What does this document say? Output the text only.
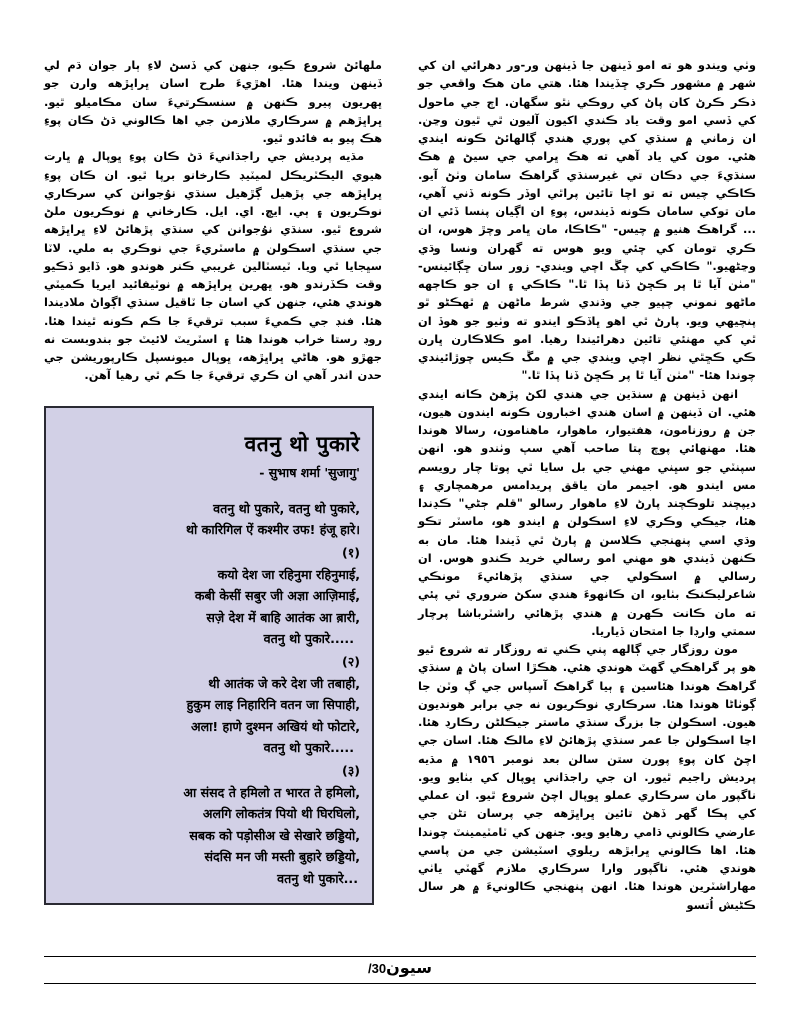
وٺي ويندو هو ته امو ڏينهن جا ڏينهن ور-ور دهرائي ان کي شهر ۾ مشهور ڪري ڇڏيندا هئا. هتي مان هڪ واقعي جو ذڪر ڪرڻ کان پاڻ کي روڪي نٿو سگهان. اڄ جي ماحول کي ڏسي امو وقت ياد ڪندي اکيون آليون ٿي ٿيون وڃن. ان زماني ۾ سنڌي کي پوري هندي ڳالهائڻ ڪونه ايندي هئي. مون کي ياد آهي ته هڪ ڀرامي جي سيڻ ۾ هڪ سنڌيءَ جي دڪان تي غيرسنڌي گراهڪ سامان وٺڻ آيو. ڪاڪي چيس ته تو اچا تائين پراٿي اوڏر ڪونه ڏني آهي، مان توکي سامان ڪونه ڏيندس، پوءِ ان اڳيان پنسا ڏئي ان ... گراهڪ هنيو ۾ چيس- "ڪاڪا، مان ڀامر وچڙ هوس، ان ڪري تومان کي چئي ويو هوس ته گهران ونسا وڌي وڃڻهيو." ڪاڪي کي چڱ اچي ويندي- زور سان ڇڳائينس- "مٺن آيا ٿا پر ڪڇڻ ڏنا پڏا ٿا." ڪاڪي ۽ ان جو ڪاڄهه ماڻهو نموني چپيو جي وڌندي شرط ماڻهن ۾ ٿهڪڻو ٿو پنچيهي ويو. پارڻ ٿي اهو ڀاڏڪو ايندو ته وٺيو جو هوڏ ان ٿي کي مهنئي تائين دهرائيندا رهيا. امو ڪلاڪارن ڀارن ڪي ڪڇٿي نظر اچي ويندي جي ۾ مڱ ڪيس چوڙائيندي چوندا هئا- "مٺن آيا ٿا پر ڪڇڻ ڏنا پڏا ٿا."

انهن ڏينهن ۾ سنڌين جي هندي لکڻ پڙهڻ ڪانه ايندي هئي. ان ڏينهن ۾ اسان هندي اخبارون ڪونه ايندون هيون، جن ۾ روزنامون، هفتيوار، ماهوار، ماهنامون، رسالا هوندا هئا. مهنهائي پوچ پتا صاحب آهي سپ وٺندو هو. انهن سپنٽي جو سڀني مهني جي بل سايا ٿي پوتا چار رويسم مس ايندو هو. اجيمر مان ياقق پريدامس مرهمچاري ۽ ديپچند تلوڪچند پارڻ لاءِ ماهوار رسالو "قلم ڄڻي" ڪڍندا هئا، جيڪي وڪري لاءِ اسڪولن ۾ ايندو هو، ماسٽر تڪو وڌي اسي پنهنجي ڪلاسن ۾ پارڻ ٿي ڏيندا هئا. مان به ڪنهن ڏيندي هو مهني امو رسالي خريد ڪندو هوس. ان رسالي ۾ اسڪولي جي سنڌي پڙهائيءَ مونڪي شاعرليڪنڪ بٺايو، ان ڪانهوءَ هندي سکڻ ضروري ٿي پئي ته مان ڪانت ڪهرن ۾ هندي پڙهائي راشٽرباشا پرچار سمتي وارڊا جا امتحان ڏياريا.

مون روزگار جي ڳالهه پني ڪني ته روزگار ته شروع ٿيو هو پر گراهڪي گهٽ هوندي هئي. هڪڙا اسان پاڻ ۾ سنڌي گراهڪ هوندا هئاسين ۽ ٻيا گراهڪ آسپاس جي ڳ وٽن جا ڳوٺاڻا هوندا هئا. سرڪاري نوڪريون نه جي برابر هونديون هيون. اسڪولن جا بزرگ سنڌي ماستر جيڪلڻن رڪارڊ هئا. اڃا اسڪولن جا عمر سنڌي پڙهائڻ لاءِ مالڪ هئا. اسان جي اچڻ کان پوءِ پورن ستن سالن بعد نومبر ١٩٥٦ ۾ مڌيه پرديش راجيم ٿيور. ان جي راجڌاني ڀوپال کي بٺايو ويو. ناگپور مان سرڪاري عملو ڀوپال اچڻ شروع ٿيو. ان عملي کي پڪا گهر ڏهڻ تائين ڀراڀڙهه جي پرسان تڻن جي عارضي ڪالوني ڌامي رهايو ويو. جنهن کي ٽامٽيمينٽ چوندا هئا. اها ڪالوني ڀرابڙهه ريلوي اسٽيشن جي من پاسي هوندي هئي. ناگپور وارا سرڪاري ملازم گهٽي ياٺي مهاراشٽرين هوندا هئا. انهن پنهنجي ڪالونيءَ ۾ هر سال ڪڻيش اُتسو

ملهائڻ شروع ڪيو، جنهن کي ڏسڻ لاءِ ٻار جوان ڌم لي ڏينهن ويندا هئا. اهڙيءَ طرح اسان ڀراڀڙهه وارن جو ڀهريون پيرو ڪنهن ۾ سنسڪرتيءَ سان مڪاميلو ٿيو. ڀراڀڙهم ۾ سرڪاري ملازمن جي اها ڪالوني ڌڻ ڪان پوءِ هڪ پيو به فائدو ٿيو.

مڌيه پرديش جي راجڌانيءَ ڌڻ ڪان پوءِ ڀوپال ۾ ڀارت هيوي اليڪٽريڪل لميٽيڊ ڪارخانو برپا ٿيو. ان ڪان پوءِ ڀراڀڙهه جي پڙهيل ڳڙهيل سنڌي نوُجوانن کي سرڪاري نوڪريون ۽ ٻي. ايڇ. اي. ايل. ڪارخاني ۾ نوڪريون ملڻ شروع ٿيو. سنڌي نوُجوانن کي سنڌي پڙهائڻ لاءِ ڀراڀڙهه جي سنڌي اسڪولن ۾ ماسٽريءَ جي نوڪري به ملي. لاٽا سڀجايا ٿي ويا. ٽيسٽالين غريبي ڪنر هوندو هو. ڏايو ڏڪيو وقت ڪڏرندو هو. ڀهرين ڀراڀڙهه ۾ نوٽيفائيد ايريا ڪميٽي هوندي هئي، جنهن کي اسان جا ٽاقيل سنڌي اڳواڻ ملاديندا هئا. فنڊ جي ڪميءَ سبب ترقيءَ جا ڪم ڪونه ٿيندا هئا. روڊ رستا خراب هوندا هئا ۽ اسٽريٽ لائيٽ جو بندوبست نه جهڙو هو. هاڻي ڀراڀڙهه، ڀوپال ميونسپل ڪارپوريشن جي حدن اندر آهي ان ڪري ترقيءَ جا ڪم ٿي رهيا آهن.

वतनु थो पुकारे
- सुभाष शर्मा 'सुजागु'

वतनु थो पुकारे, वतनु थो पुकारे,

थो कारिगिल ऐं कश्मीर उफ! हंजू हारे।

(१)

कयो देश जा रहिनुमा रहिनुमाई,

कबी केसीं सबुर जी अज्ञा आज़िमाई,

सज़े देश में बाहि आतंक आ ब़ारी,

वतनु थो पुकारे.....

(२)

थी आतंक जे करे देश जी तबाही,

हुकुम लाइ निहारिनि वतन जा सिपाही,

अला! हाणे दुश्मन अखियं थो फोटारे,

वतनु थो पुकारे.....

(३)

आ संसद ते हमिलो त भारत ते हमिलो,

अलगि लोकतंत्र पियो थी घिरघिलो,

सबक को पड़ोसीअ खे सेखारे छड्डियो,

संदसि मन जी मस्ती बुहारे छड्डियो,

वतनु थो पुकारे...

سيون/30
